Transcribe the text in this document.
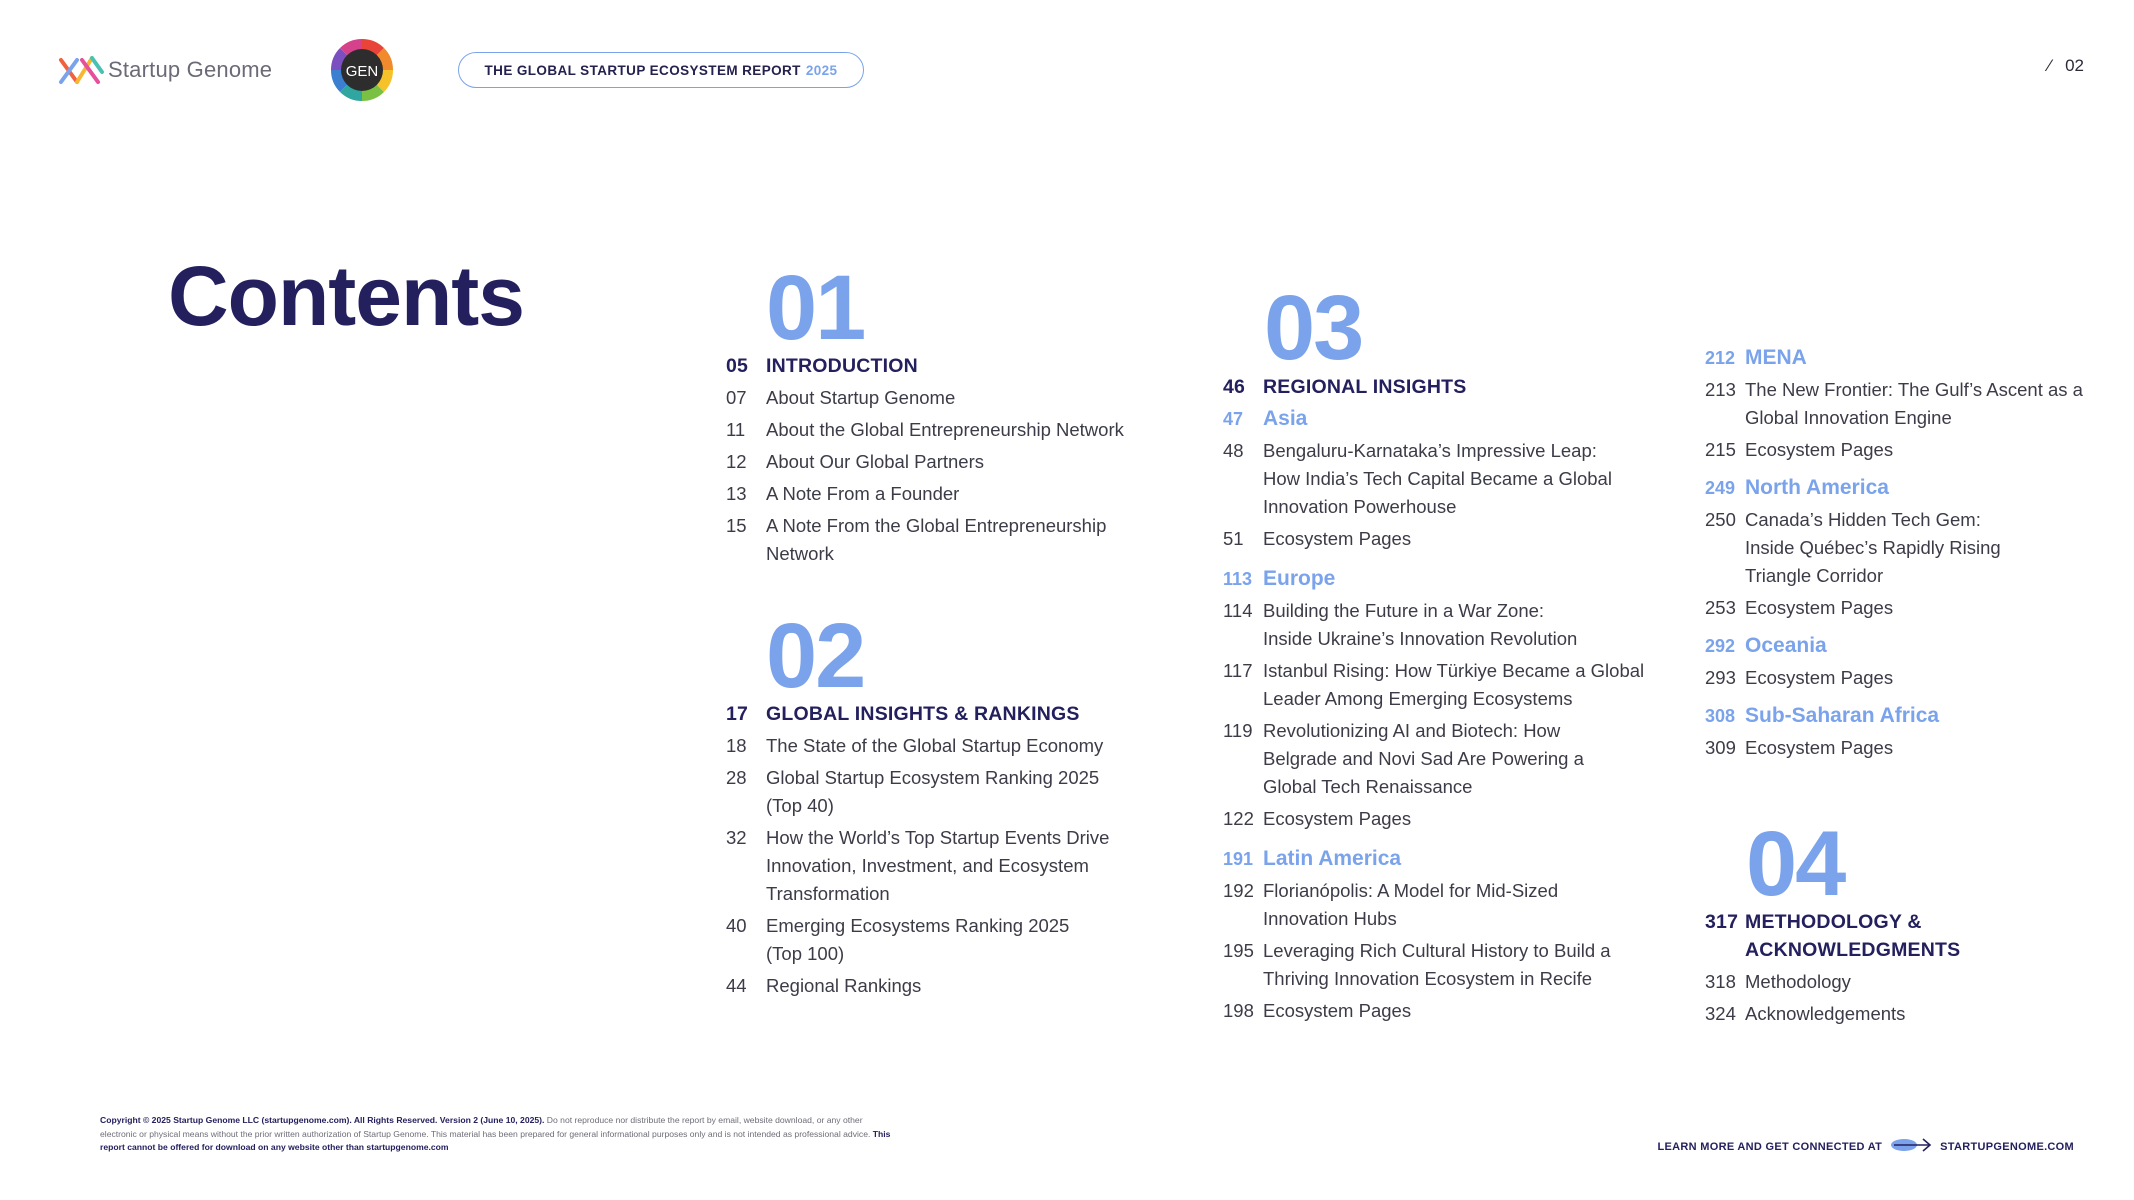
Startup Genome	GEN	THE GLOBAL STARTUP ECOSYSTEM REPORT 2025	⁄ 02
Contents	01
05 INTRODUCTION
07	About Startup Genome
11	About the Global Entrepreneurship Network
12	About Our Global Partners
13	A Note From a Founder
15	A Note From the Global Entrepreneurship Network
02
17 GLOBAL INSIGHTS & RANKINGS
18	The State of the Global Startup Economy
28	Global Startup Ecosystem Ranking 2025 (Top 40)
32	How the World’s Top Startup Events Drive Innovation, Investment, and Ecosystem Transformation
40	Emerging Ecosystems Ranking 2025 (Top 100)
44	Regional Rankings
03
46 REGIONAL INSIGHTS
47 Asia
48	Bengaluru-Karnataka’s Impressive Leap: How India’s Tech Capital Became a Global Innovation Powerhouse
51	Ecosystem Pages
113 Europe
114 Building the Future in a War Zone: Inside Ukraine’s Innovation Revolution
117 Istanbul Rising: How Türkiye Became a Global Leader Among Emerging Ecosystems
119 Revolutionizing AI and Biotech: How Belgrade and Novi Sad Are Powering a Global Tech Renaissance
122 Ecosystem Pages
191 Latin America
192 Florianópolis: A Model for Mid-Sized Innovation Hubs
195 Leveraging Rich Cultural History to Build a Thriving Innovation Ecosystem in Recife
198 Ecosystem Pages
212 MENA
213 The New Frontier: The Gulf’s Ascent as a Global Innovation Engine
215 Ecosystem Pages
249 North America
250 Canada’s Hidden Tech Gem: Inside Québec’s Rapidly Rising Triangle Corridor
253 Ecosystem Pages
292 Oceania
293 Ecosystem Pages
308 Sub-Saharan Africa
309 Ecosystem Pages
04
317 METHODOLOGY & ACKNOWLEDGMENTS
318 Methodology
324 Acknowledgements
Copyright © 2025 Startup Genome LLC (startupgenome.com). All Rights Reserved. Version 2 (June 10, 2025). Do not reproduce nor distribute the report by email, website download, or any other electronic or physical means without the prior written authorization of Startup Genome. This material has been prepared for general informational purposes only and is not intended as professional advice. This report cannot be offered for download on any website other than startupgenome.com	LEARN MORE AND GET CONNECTED AT	STARTUPGENOME.COM
